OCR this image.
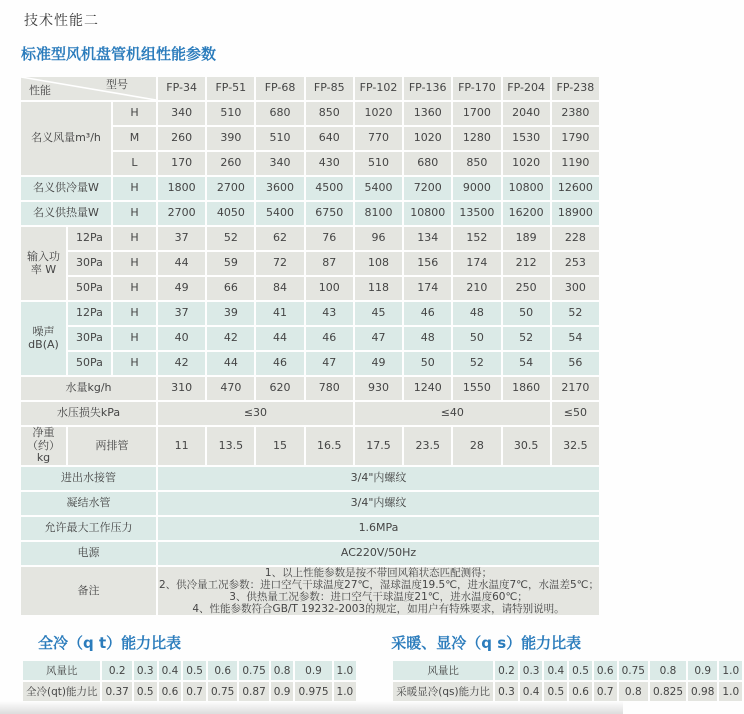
技术性能二
标准型风机盘管机组性能参数
型号
性能			FP-34	FP-51	FP-68	FP-85	FP-102	FP-136	FP-170	FP-204	FP-238
名义风量m³/h		H	340	510	680	850	1020	1360	1700	2040	2380
		M	260	390	510	640	770	1020	1280	1530	1790
		L	170	260	340	430	510	680	850	1020	1190
名义供冷量W		H	1800	2700	3600	4500	5400	7200	9000	10800	12600
名义供热量W		H	2700	4050	5400	6750	8100	10800	13500	16200	18900
输入功率 W	12Pa	H	37	52	62	76	96	134	152	189	228
	30Pa	H	44	59	72	87	108	156	174	212	253
	50Pa	H	49	66	84	100	118	174	210	250	300
噪声dB(A)	12Pa	H	37	39	41	43	45	46	48	50	52
	30Pa	H	40	42	44	46	47	48	50	52	54
	50Pa	H	42	44	46	47	49	50	52	54	56
水量kg/h			310	470	620	780	930	1240	1550	1860	2170
水压损失kPa			≤30				≤40				≤50
净重（约）kg	两排管		11	13.5	15	16.5	17.5	23.5	28	30.5	32.5
进出水接管			3/4"内螺纹								
凝结水管			3/4"内螺纹								
允许最大工作压力			1.6MPa								
电源			AC220V/50Hz								
备注			1、以上性能参数是按不带回风箱状态匹配测得；
2、供冷量工况参数：进口空气干球温度27℃，湿球温度19.5℃，进水温度7℃，水温差5℃；
3、供热量工况参数：进口空气干球温度21℃，进水温度60℃；
4、性能参数符合GB/T 19232-2003的规定，如用户有特殊要求，请特别说明。								
全冷（q t）能力比表
风量比	0.2	0.3	0.4	0.5	0.6	0.75	0.8	0.9	1.0
全冷(qt)能力比	0.37	0.5	0.6	0.7	0.75	0.87	0.9	0.975	1.0
采暖、显冷（q s）能力比表
风量比	0.2	0.3	0.4	0.5	0.6	0.75	0.8	0.9	1.0
采暖显冷(qs)能力比	0.3	0.4	0.5	0.6	0.7	0.8	0.825	0.98	1.0
